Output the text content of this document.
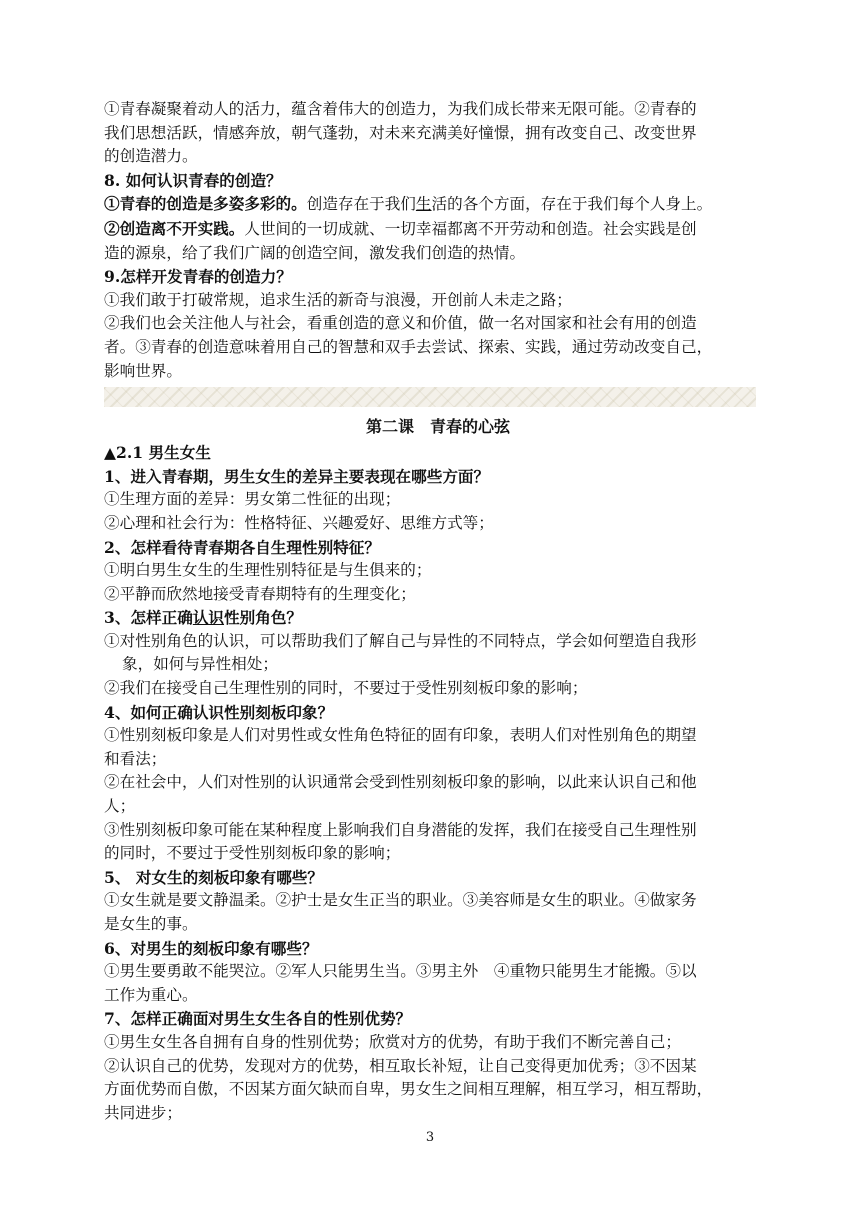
①青春凝聚着动人的活力，蕴含着伟大的创造力，为我们成长带来无限可能。②青春的
我们思想活跃，情感奔放，朝气蓬勃，对未来充满美好憧憬，拥有改变自己、改变世界
的创造潜力。
8. 如何认识青春的创造？
①青春的创造是多姿多彩的。创造存在于我们生活的各个方面，存在于我们每个人身上。
②创造离不开实践。人世间的一切成就、一切幸福都离不开劳动和创造。社会实践是创
造的源泉，给了我们广阔的创造空间，激发我们创造的热情。
9.怎样开发青春的创造力？
①我们敢于打破常规，追求生活的新奇与浪漫，开创前人未走之路；
②我们也会关注他人与社会，看重创造的意义和价值，做一名对国家和社会有用的创造
者。③青春的创造意味着用自己的智慧和双手去尝试、探索、实践，通过劳动改变自己，
影响世界。
第二课　青春的心弦
▲2.1 男生女生
1、进入青春期，男生女生的差异主要表现在哪些方面？
①生理方面的差异：男女第二性征的出现；
②心理和社会行为：性格特征、兴趣爱好、思维方式等；
2、怎样看待青春期各自生理性别特征？
①明白男生女生的生理性别特征是与生俱来的；
②平静而欣然地接受青春期特有的生理变化；
3、怎样正确认识性别角色？
①对性别角色的认识，可以帮助我们了解自己与异性的不同特点，学会如何塑造自我形
象，如何与异性相处；
②我们在接受自己生理性别的同时，不要过于受性别刻板印象的影响；
4、如何正确认识性别刻板印象？
①性别刻板印象是人们对男性或女性角色特征的固有印象，表明人们对性别角色的期望
和看法；
②在社会中，人们对性别的认识通常会受到性别刻板印象的影响，以此来认识自己和他
人；
③性别刻板印象可能在某种程度上影响我们自身潜能的发挥，我们在接受自己生理性别
的同时，不要过于受性别刻板印象的影响；
5、 对女生的刻板印象有哪些？
①女生就是要文静温柔。②护士是女生正当的职业。③美容师是女生的职业。④做家务
是女生的事。
6、对男生的刻板印象有哪些？
①男生要勇敢不能哭泣。②军人只能男生当。③男主外　④重物只能男生才能搬。⑤以
工作为重心。
7、怎样正确面对男生女生各自的性别优势？
①男生女生各自拥有自身的性别优势；欣赏对方的优势，有助于我们不断完善自己；
②认识自己的优势，发现对方的优势，相互取长补短，让自己变得更加优秀；③不因某
方面优势而自傲，不因某方面欠缺而自卑，男女生之间相互理解，相互学习，相互帮助，
共同进步；
3
